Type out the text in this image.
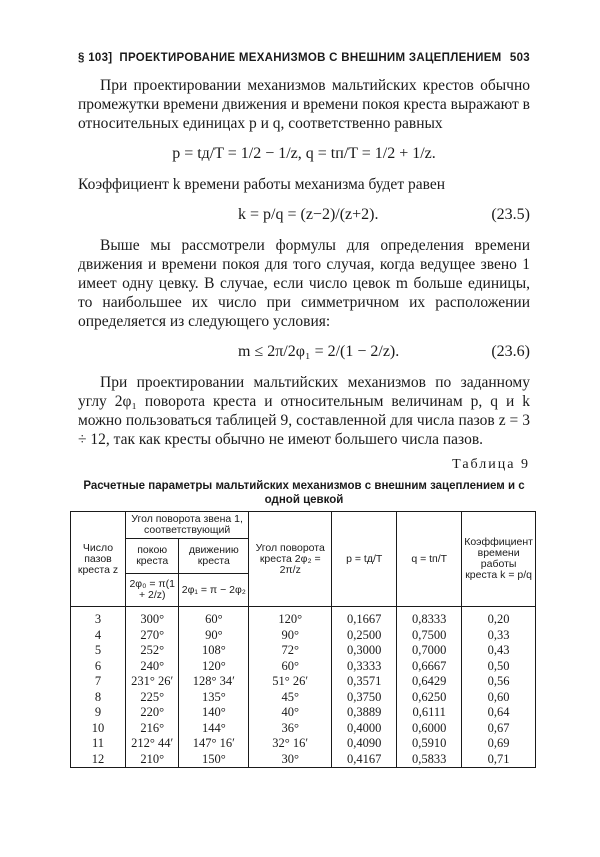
§ 103] ПРОЕКТИРОВАНИЕ МЕХАНИЗМОВ С ВНЕШНИМ ЗАЦЕПЛЕНИЕМ 503

При проектировании механизмов мальтийских крестов обычно промежутки времени движения и времени покоя креста выражают в относительных единицах p и q, соответственно равных

p = tд/T = 1/2 − 1/z, q = tп/T = 1/2 + 1/z.

Коэффициент k времени работы механизма будет равен

k = p/q = (z−2)/(z+2).	(23.5)

Выше мы рассмотрели формулы для определения времени движения и времени покоя для того случая, когда ведущее звено 1 имеет одну цевку. В случае, если число цевок m больше единицы, то наибольшее их число при симметричном их расположении определяется из следующего условия:

m ≤ 2π/2φ₁ = 2/(1 − 2/z).	(23.6)

При проектировании мальтийских механизмов по заданному углу 2φ₁ поворота креста и относительным величинам p, q и k можно пользоваться таблицей 9, составленной для числа пазов z = 3 ÷ 12, так как кресты обычно не имеют большего числа пазов.

Таблица 9
Расчетные параметры мальтийских механизмов с внешним зацеплением и с одной цевкой
Число пазов креста z	Угол поворота звена 1, соответствующий		Угол поворота креста 2φ₂ = 2π/z	p = tд/T	q = tп/T	Коэффициент времени работы креста k = p/q
	покою креста	движению креста				
	2φ₀ = π(1 + 2/z)	2φ₁ = π − 2φ₂				
3	300°	60°	120°	0,1667	0,8333	0,20
4	270°	90°	90°	0,2500	0,7500	0,33
5	252°	108°	72°	0,3000	0,7000	0,43
6	240°	120°	60°	0,3333	0,6667	0,50
7	231° 26′	128° 34′	51° 26′	0,3571	0,6429	0,56
8	225°	135°	45°	0,3750	0,6250	0,60
9	220°	140°	40°	0,3889	0,6111	0,64
10	216°	144°	36°	0,4000	0,6000	0,67
11	212° 44′	147° 16′	32° 16′	0,4090	0,5910	0,69
12	210°	150°	30°	0,4167	0,5833	0,71
